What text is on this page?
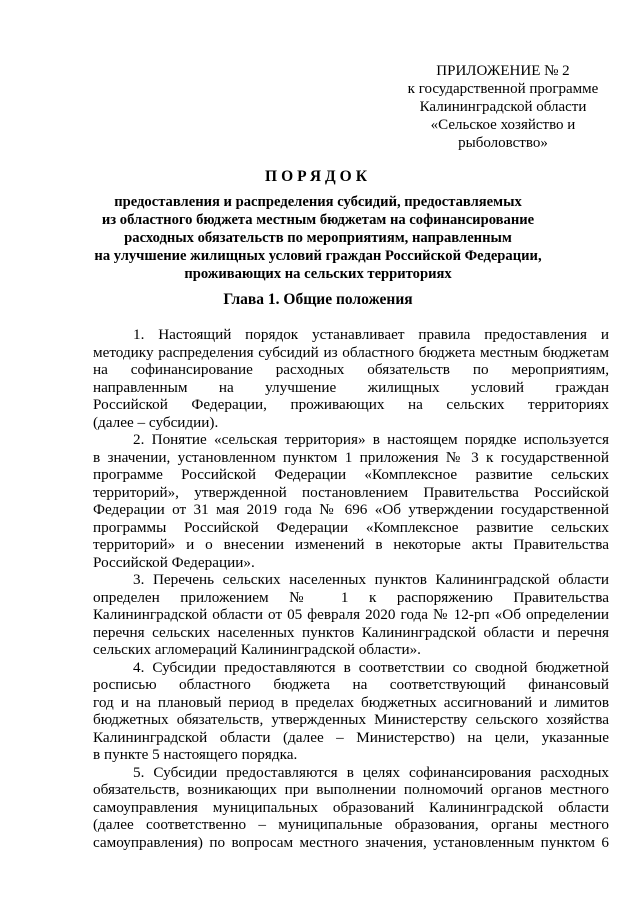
ПРИЛОЖЕНИЕ № 2
к государственной программе
Калининградской области
«Сельское хозяйство и
рыболовство»
ПОРЯДОК
предоставления и распределения субсидий, предоставляемых
из областного бюджета местным бюджетам на софинансирование
расходных обязательств по мероприятиям, направленным
на улучшение жилищных условий граждан Российской Федерации,
проживающих на сельских территориях
Глава 1. Общие положения
1. Настоящий порядок устанавливает правила предоставления и
методику распределения субсидий из областного бюджета местным бюджетам
на софинансирование расходных обязательств по мероприятиям,
направленным на улучшение жилищных условий граждан
Российской Федерации, проживающих на сельских территориях
(далее – субсидии).
2. Понятие «сельская территория» в настоящем порядке используется
в значении, установленном пунктом 1 приложения № 3 к государственной
программе Российской Федерации «Комплексное развитие сельских
территорий», утвержденной постановлением Правительства Российской
Федерации от 31 мая 2019 года № 696 «Об утверждении государственной
программы Российской Федерации «Комплексное развитие сельских
территорий» и о внесении изменений в некоторые акты Правительства
Российской Федерации».
3. Перечень сельских населенных пунктов Калининградской области
определен приложением № 1 к распоряжению Правительства
Калининградской области от 05 февраля 2020 года № 12-рп «Об определении
перечня сельских населенных пунктов Калининградской области и перечня
сельских агломераций Калининградской области».
4. Субсидии предоставляются в соответствии со сводной бюджетной
росписью областного бюджета на соответствующий финансовый
год и на плановый период в пределах бюджетных ассигнований и лимитов
бюджетных обязательств, утвержденных Министерству сельского хозяйства
Калининградской области (далее – Министерство) на цели, указанные
в пункте 5 настоящего порядка.
5. Субсидии предоставляются в целях софинансирования расходных
обязательств, возникающих при выполнении полномочий органов местного
самоуправления муниципальных образований Калининградской области
(далее соответственно – муниципальные образования, органы местного
самоуправления) по вопросам местного значения, установленным пунктом 6
